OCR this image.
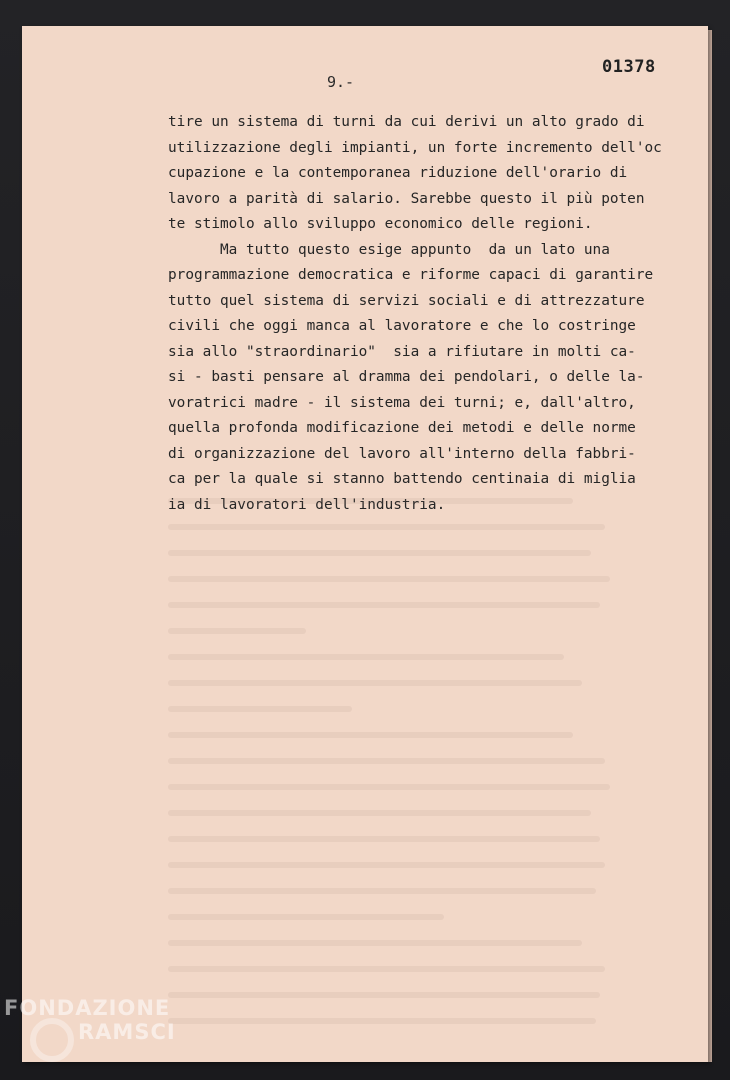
01378
9.-
tire un sistema di turni da cui derivi un alto grado di
utilizzazione degli impianti, un forte incremento dell'oc
cupazione e la contemporanea riduzione dell'orario di
lavoro a parità di salario. Sarebbe questo il più poten
te stimolo allo sviluppo economico delle regioni.
Ma tutto questo esige appunto  da un lato una
programmazione democratica e riforme capaci di garantire
tutto quel sistema di servizi sociali e di attrezzature
civili che oggi manca al lavoratore e che lo costringe
sia allo "straordinario"  sia a rifiutare in molti ca-
si - basti pensare al dramma dei pendolari, o delle la-
voratrici madre - il sistema dei turni; e, dall'altro,
quella profonda modificazione dei metodi e delle norme
di organizzazione del lavoro all'interno della fabbri-
ca per la quale si stanno battendo centinaia di miglia
ia di lavoratori dell'industria.
FONDAZIONE
RAMSCI
